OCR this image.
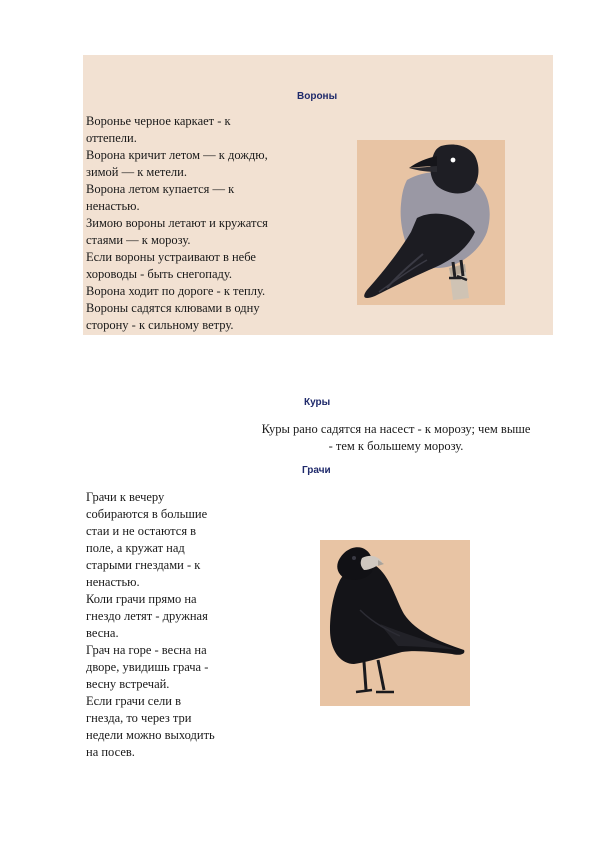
Вороны
Воронье черное каркает - к
оттепели.
Ворона кричит летом — к дождю,
зимой — к метели.
Ворона летом купается — к
ненастью.
Зимою вороны летают и кружатся
стаями — к морозу.
Если вороны устраивают в небе
хороводы - быть снегопаду.
Ворона ходит по дороге - к теплу.
Вороны садятся клювами в одну
сторону - к сильному ветру.
Куры
Куры рано садятся на насест - к морозу; чем выше
- тем к большему морозу.
Грачи
Грачи к вечеру
собираются в большие
стаи и не остаются в
поле, а кружат над
старыми гнездами - к
ненастью.
Коли грачи прямо на
гнездо летят - дружная
весна.
Грач на горе - весна на
дворе, увидишь грача -
весну встречай.
Если грачи сели в
гнезда, то через три
недели можно выходить
на посев.
